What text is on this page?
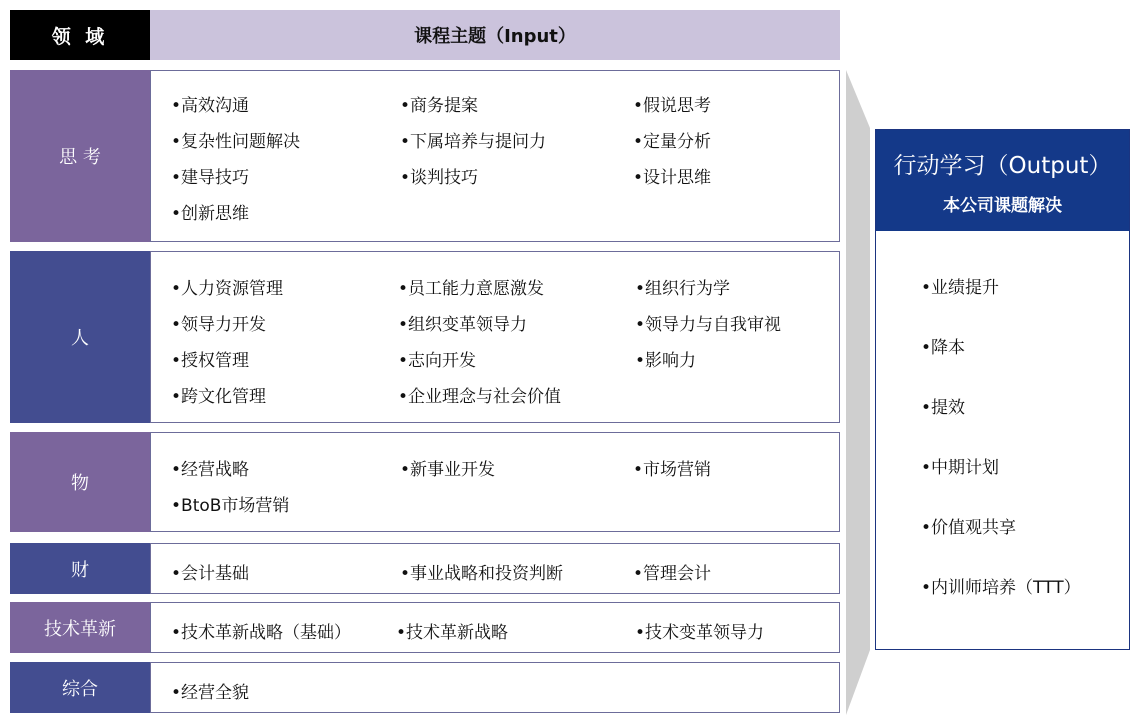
领 域	课程主题（Input）
思 考
•高效沟通	•商务提案	•假说思考
•复杂性问题解决	•下属培养与提问力	•定量分析
•建导技巧	•谈判技巧	•设计思维
•创新思维
人
•人力资源管理	•员工能力意愿激发	•组织行为学
•领导力开发	•组织变革领导力	•领导力与自我审视
•授权管理	•志向开发	•影响力
•跨文化管理	•企业理念与社会价值
物
•经营战略	•新事业开发	•市场营销
•BtoB市场营销
财	•会计基础	•事业战略和投资判断	•管理会计
技术革新	•技术革新战略（基础）	•技术革新战略	•技术变革领导力
综合	•经营全貌
行动学习（Output）
本公司课题解决
•业绩提升
•降本
•提效
•中期计划
•价值观共享
•内训师培养（TTT）
